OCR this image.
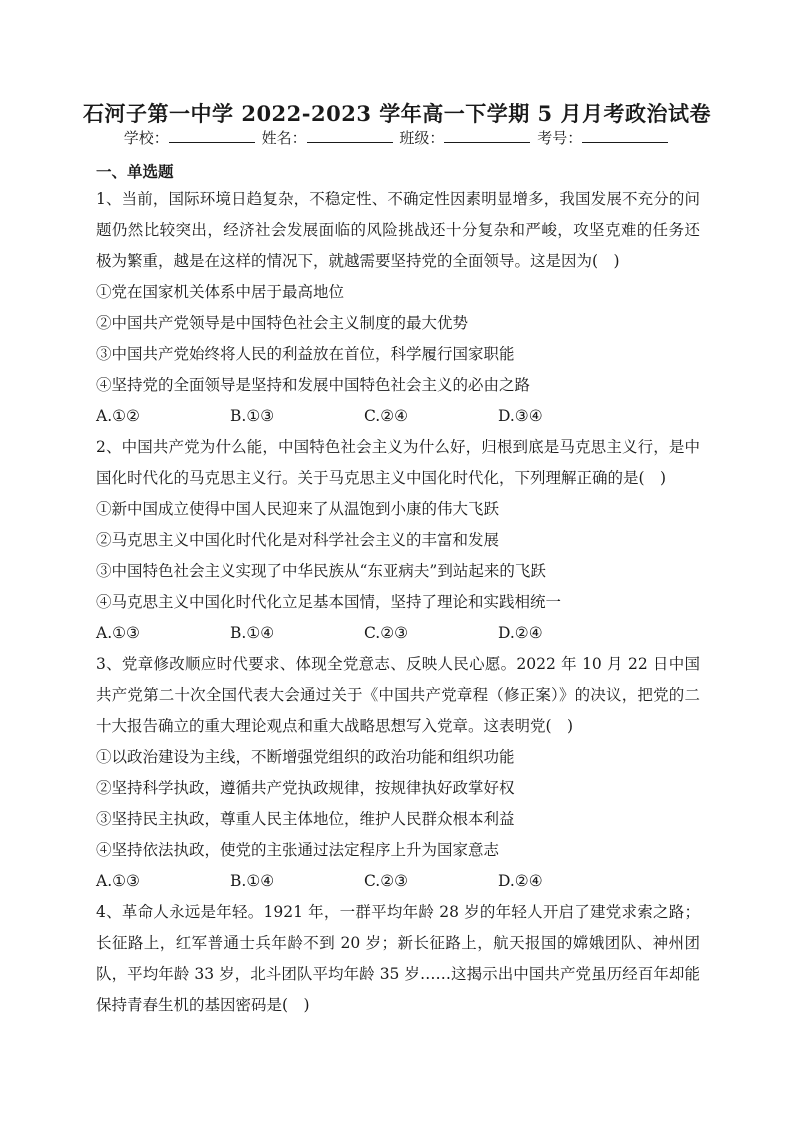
石河子第一中学 2022-2023 学年高一下学期 5 月月考政治试卷
学校：	姓名：	班级：	考号：
一、单选题
1、当前，国际环境日趋复杂，不稳定性、不确定性因素明显增多，我国发展不充分的问题仍然比较突出，经济社会发展面临的风险挑战还十分复杂和严峻，攻坚克难的任务还极为繁重，越是在这样的情况下，就越需要坚持党的全面领导。这是因为(　)
①党在国家机关体系中居于最高地位
②中国共产党领导是中国特色社会主义制度的最大优势
③中国共产党始终将人民的利益放在首位，科学履行国家职能
④坚持党的全面领导是坚持和发展中国特色社会主义的必由之路
A.①②	B.①③	C.②④	D.③④
2、中国共产党为什么能，中国特色社会主义为什么好，归根到底是马克思主义行，是中国化时代化的马克思主义行。关于马克思主义中国化时代化，下列理解正确的是(　)
①新中国成立使得中国人民迎来了从温饱到小康的伟大飞跃
②马克思主义中国化时代化是对科学社会主义的丰富和发展
③中国特色社会主义实现了中华民族从“东亚病夫”到站起来的飞跃
④马克思主义中国化时代化立足基本国情，坚持了理论和实践相统一
A.①③	B.①④	C.②③	D.②④
3、党章修改顺应时代要求、体现全党意志、反映人民心愿。2022 年 10 月 22 日中国共产党第二十次全国代表大会通过关于《中国共产党章程（修正案）》的决议，把党的二十大报告确立的重大理论观点和重大战略思想写入党章。这表明党(　)
①以政治建设为主线，不断增强党组织的政治功能和组织功能
②坚持科学执政，遵循共产党执政规律，按规律执好政掌好权
③坚持民主执政，尊重人民主体地位，维护人民群众根本利益
④坚持依法执政，使党的主张通过法定程序上升为国家意志
A.①③	B.①④	C.②③	D.②④
4、革命人永远是年轻。1921 年，一群平均年龄 28 岁的年轻人开启了建党求索之路；长征路上，红军普通士兵年龄不到 20 岁；新长征路上，航天报国的嫦娥团队、神州团队，平均年龄 33 岁，北斗团队平均年龄 35 岁……这揭示出中国共产党虽历经百年却能保持青春生机的基因密码是(　)
